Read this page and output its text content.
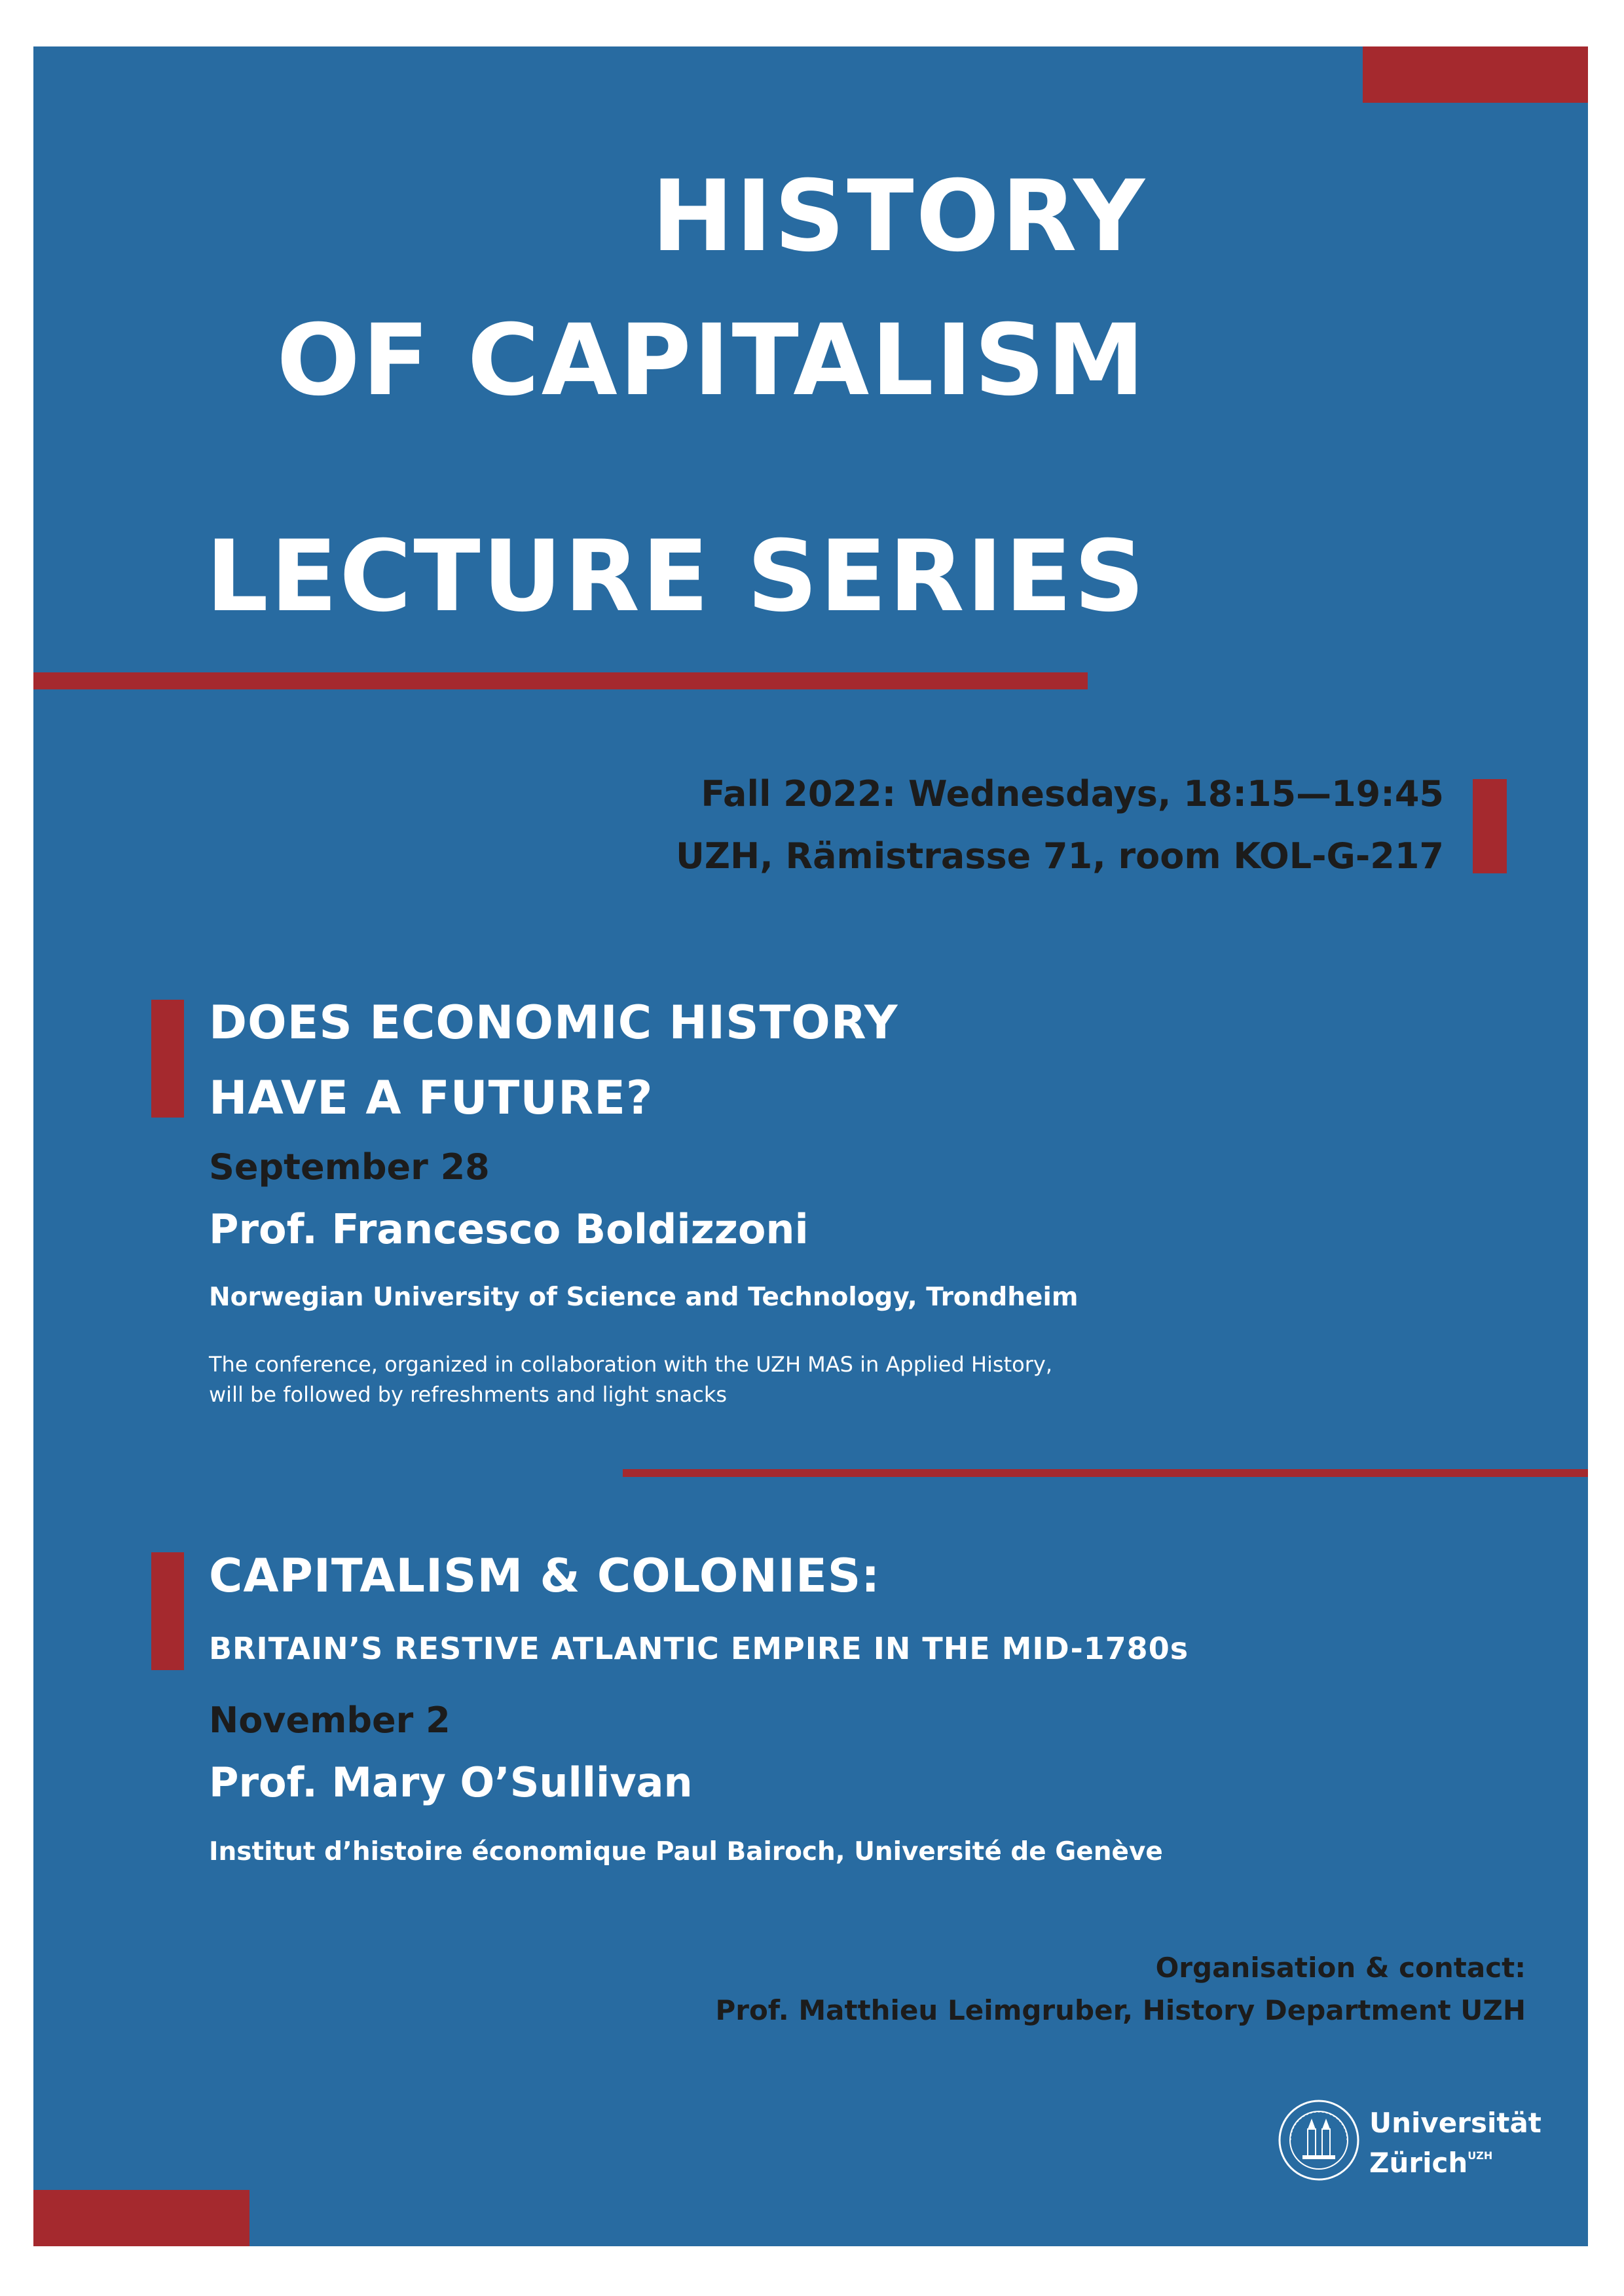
HISTORY
OF CAPITALISM
LECTURE SERIES
Fall 2022: Wednesdays, 18:15—19:45
UZH, Rämistrasse 71, room KOL-G-217
DOES ECONOMIC HISTORY
HAVE A FUTURE?
September 28
Prof. Francesco Boldizzoni
Norwegian University of Science and Technology, Trondheim
The conference, organized in collaboration with the UZH MAS in Applied History,
will be followed by refreshments and light snacks
CAPITALISM & COLONIES:
BRITAIN’S RESTIVE ATLANTIC EMPIRE IN THE MID-1780s
November 2
Prof. Mary O’Sullivan
Institut d’histoire économique Paul Bairoch, Université de Genève
Organisation & contact:
Prof. Matthieu Leimgruber, History Department UZH
Universität
Zürich$^{UZH}$
